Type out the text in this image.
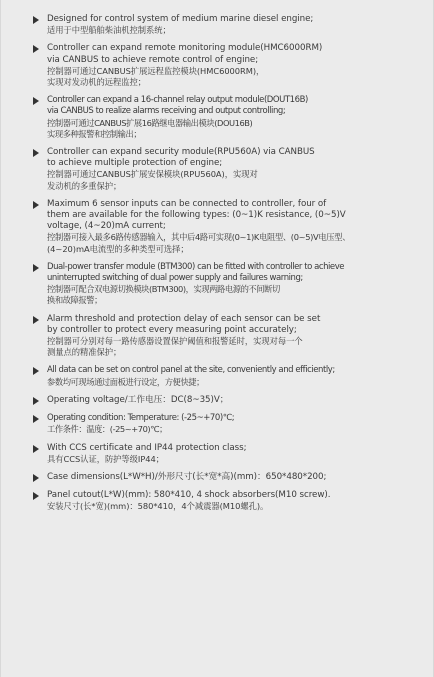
Designed for control system of medium marine diesel engine;
适用于中型船舶柴油机控制系统；
Controller can expand remote monitoring module(HMC6000RM)
via CANBUS to achieve remote control of engine;
控制器可通过CANBUS扩展远程监控模块(HMC6000RM)，
实现对发动机的远程监控；
Controller can expand a 16-channel relay output module(DOUT16B)
via CANBUS to realize alarms receiving and output controlling;
控制器可通过CANBUS扩展16路继电器输出模块(DOU16B)
实现多种报警和控制输出；
Controller can expand security module(RPU560A) via CANBUS
to achieve multiple protection of engine;
控制器可通过CANBUS扩展安保模块(RPU560A)，实现对
发动机的多重保护；
Maximum 6 sensor inputs can be connected to controller, four of
them are available for the following types: (0~1)K resistance, (0~5)V
voltage, (4~20)mA current;
控制器可接入最多6路传感器输入，其中后4路可实现(0~1)K电阻型、(0~5)V电压型、
(4~20)mA电流型的多种类型可选择；
Dual-power transfer module (BTM300) can be fitted with controller to achieve
uninterrupted switching of dual power supply and failures warning;
控制器可配合双电源切换模块(BTM300)，实现两路电源的不间断切
换和故障报警；
Alarm threshold and protection delay of each sensor can be set
by controller to protect every measuring point accurately;
控制器可分别对每一路传感器设置保护阈值和报警延时，实现对每一个
测量点的精准保护；
All data can be set on control panel at the site, conveniently and efficiently;
参数均可现场通过面板进行设定，方便快捷；
Operating voltage/工作电压：DC(8~35)V；
Operating condition: Temperature: (-25~+70)℃;
工作条件：温度：(-25~+70)℃；
With CCS certificate and IP44 protection class;
具有CCS认证，防护等级IP44；
Case dimensions(L*W*H)/外形尺寸(长*宽*高)(mm)：650*480*200;
Panel cutout(L*W)(mm): 580*410, 4 shock absorbers(M10 screw).
安装尺寸(长*宽)(mm)：580*410，4个减震器(M10螺孔)。
